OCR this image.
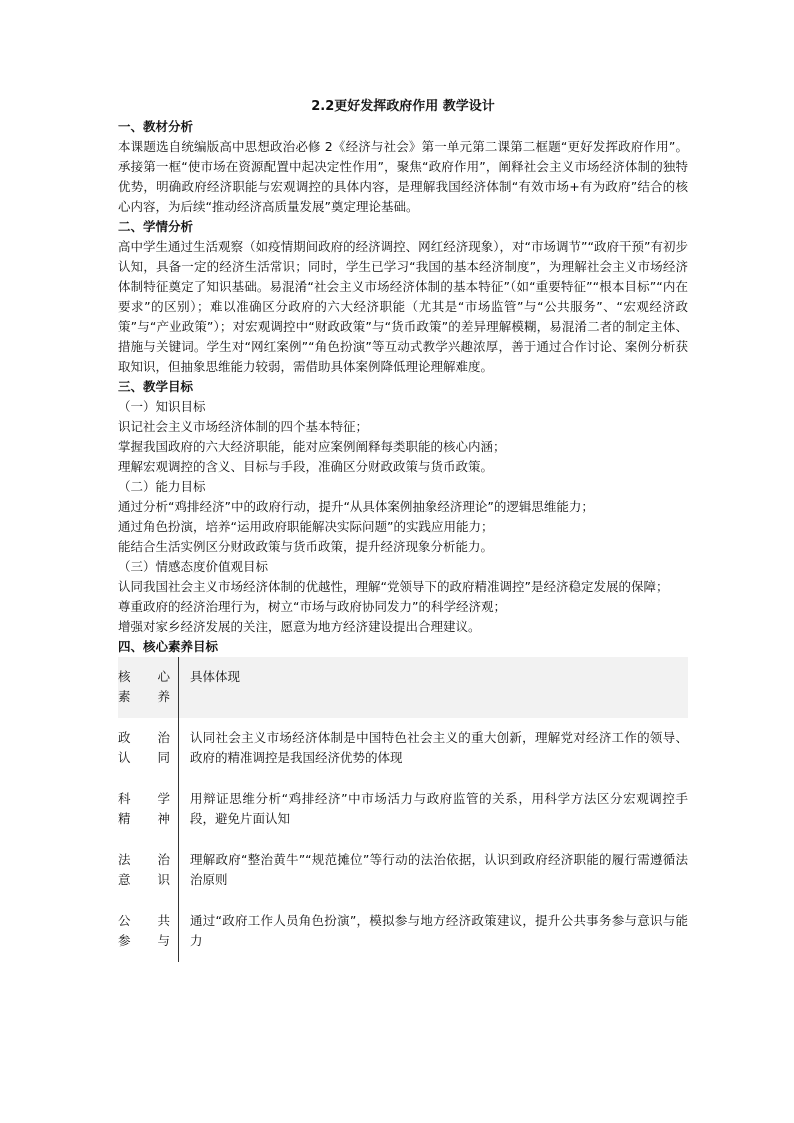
2.2更好发挥政府作用 教学设计
一、教材分析
本课题选自统编版高中思想政治必修 2《经济与社会》第一单元第二课第二框题“更好发挥政府作用”。承接第一框“使市场在资源配置中起决定性作用”，聚焦“政府作用”，阐释社会主义市场经济体制的独特优势，明确政府经济职能与宏观调控的具体内容，是理解我国经济体制“有效市场+有为政府”结合的核心内容，为后续“推动经济高质量发展”奠定理论基础。
二、学情分析
高中学生通过生活观察（如疫情期间政府的经济调控、网红经济现象），对“市场调节”“政府干预”有初步认知，具备一定的经济生活常识；同时，学生已学习“我国的基本经济制度”，为理解社会主义市场经济体制特征奠定了知识基础。易混淆“社会主义市场经济体制的基本特征”（如“重要特征”“根本目标”“内在要求”的区别）；难以准确区分政府的六大经济职能（尤其是“市场监管”与“公共服务”、“宏观经济政策”与“产业政策”）；对宏观调控中“财政政策”与“货币政策”的差异理解模糊，易混淆二者的制定主体、措施与关键词。学生对“网红案例”“角色扮演”等互动式教学兴趣浓厚，善于通过合作讨论、案例分析获取知识，但抽象思维能力较弱，需借助具体案例降低理论理解难度。
三、教学目标
（一）知识目标
识记社会主义市场经济体制的四个基本特征；
掌握我国政府的六大经济职能，能对应案例阐释每类职能的核心内涵；
理解宏观调控的含义、目标与手段，准确区分财政政策与货币政策。
（二）能力目标
通过分析“鸡排经济”中的政府行动，提升“从具体案例抽象经济理论”的逻辑思维能力；
通过角色扮演，培养“运用政府职能解决实际问题”的实践应用能力；
能结合生活实例区分财政政策与货币政策，提升经济现象分析能力。
（三）情感态度价值观目标
认同我国社会主义市场经济体制的优越性，理解“党领导下的政府精准调控”是经济稳定发展的保障；
尊重政府的经济治理行为，树立“市场与政府协同发力”的科学经济观；
增强对家乡经济发展的关注，愿意为地方经济建设提出合理建议。
四、核心素养目标
核 心
素养	具体体现

政 治
认同	认同社会主义市场经济体制是中国特色社会主义的重大创新，理解党对经济工作的领导、政府的精准调控是我国经济优势的体现

科 学
精神	用辩证思维分析“鸡排经济”中市场活力与政府监管的关系，用科学方法区分宏观调控手段，避免片面认知

法 治
意识	理解政府“整治黄牛”“规范摊位”等行动的法治依据，认识到政府经济职能的履行需遵循法治原则

公 共
参与	通过“政府工作人员角色扮演”，模拟参与地方经济政策建议，提升公共事务参与意识与能力
